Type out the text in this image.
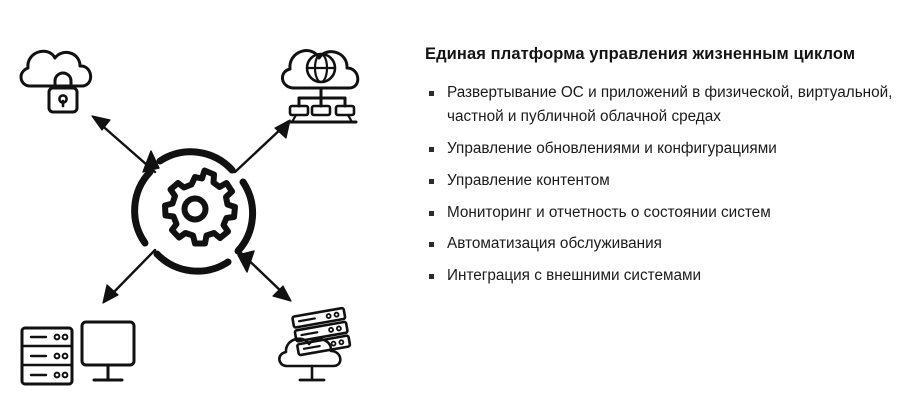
Единая платформа управления жизненным циклом
Развертывание ОС и приложений в физической, виртуальной, частной и публичной облачной средах
Управление обновлениями и конфигурациями
Управление контентом
Мониторинг и отчетность о состоянии систем
Автоматизация обслуживания
Интеграция с внешними системами
